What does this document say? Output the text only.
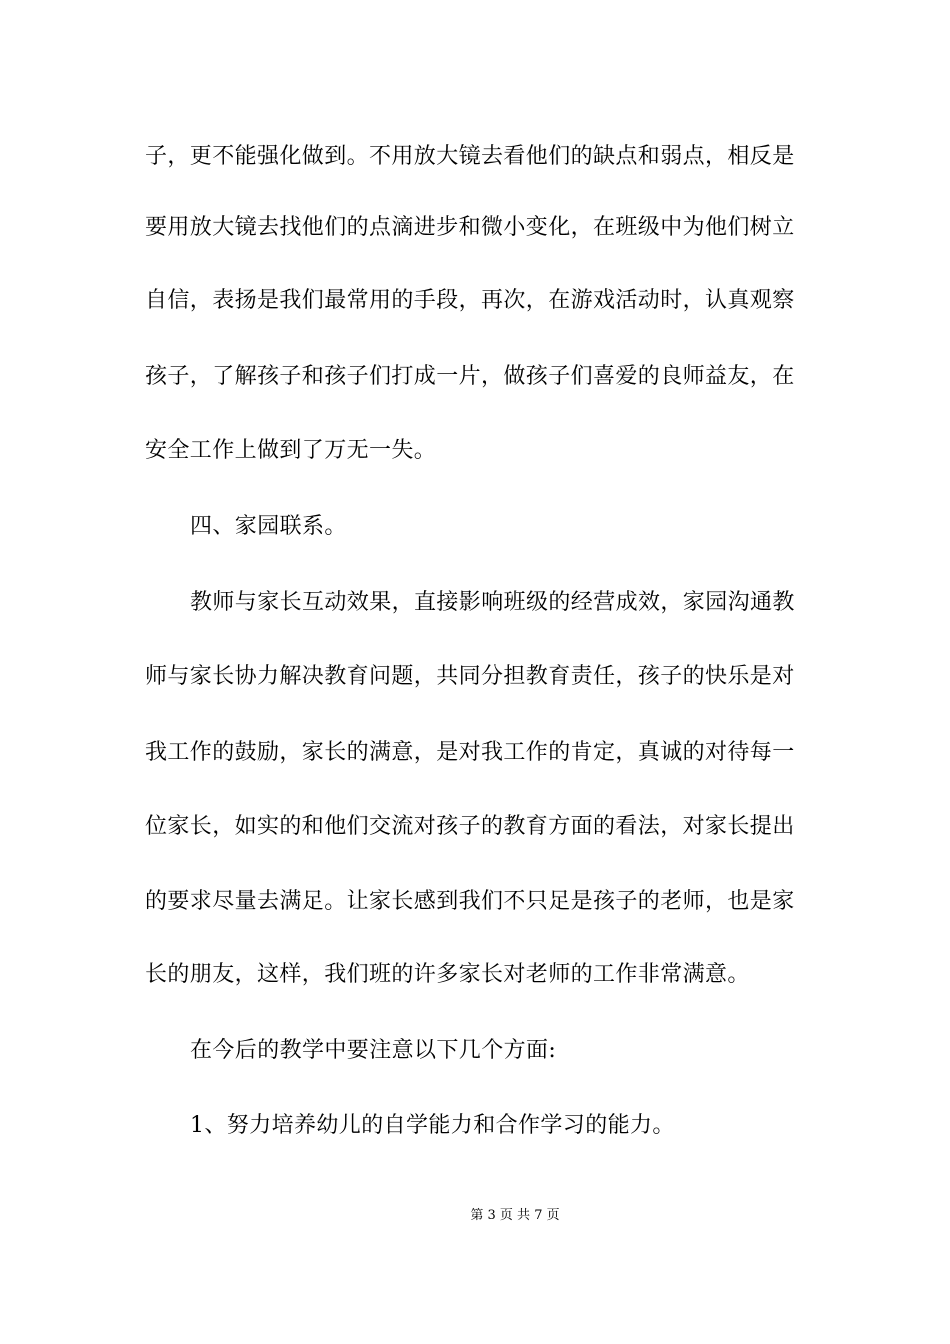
子，更不能强化做到。不用放大镜去看他们的缺点和弱点，相反是
要用放大镜去找他们的点滴进步和微小变化，在班级中为他们树立
自信，表扬是我们最常用的手段，再次，在游戏活动时，认真观察
孩子，了解孩子和孩子们打成一片，做孩子们喜爱的良师益友，在
安全工作上做到了万无一失。
四、家园联系。
教师与家长互动效果，直接影响班级的经营成效，家园沟通教
师与家长协力解决教育问题，共同分担教育责任，孩子的快乐是对
我工作的鼓励，家长的满意，是对我工作的肯定，真诚的对待每一
位家长，如实的和他们交流对孩子的教育方面的看法，对家长提出
的要求尽量去满足。让家长感到我们不只足是孩子的老师，也是家
长的朋友，这样，我们班的许多家长对老师的工作非常满意。
在今后的教学中要注意以下几个方面:
1、努力培养幼儿的自学能力和合作学习的能力。
第 3 页 共 7 页
